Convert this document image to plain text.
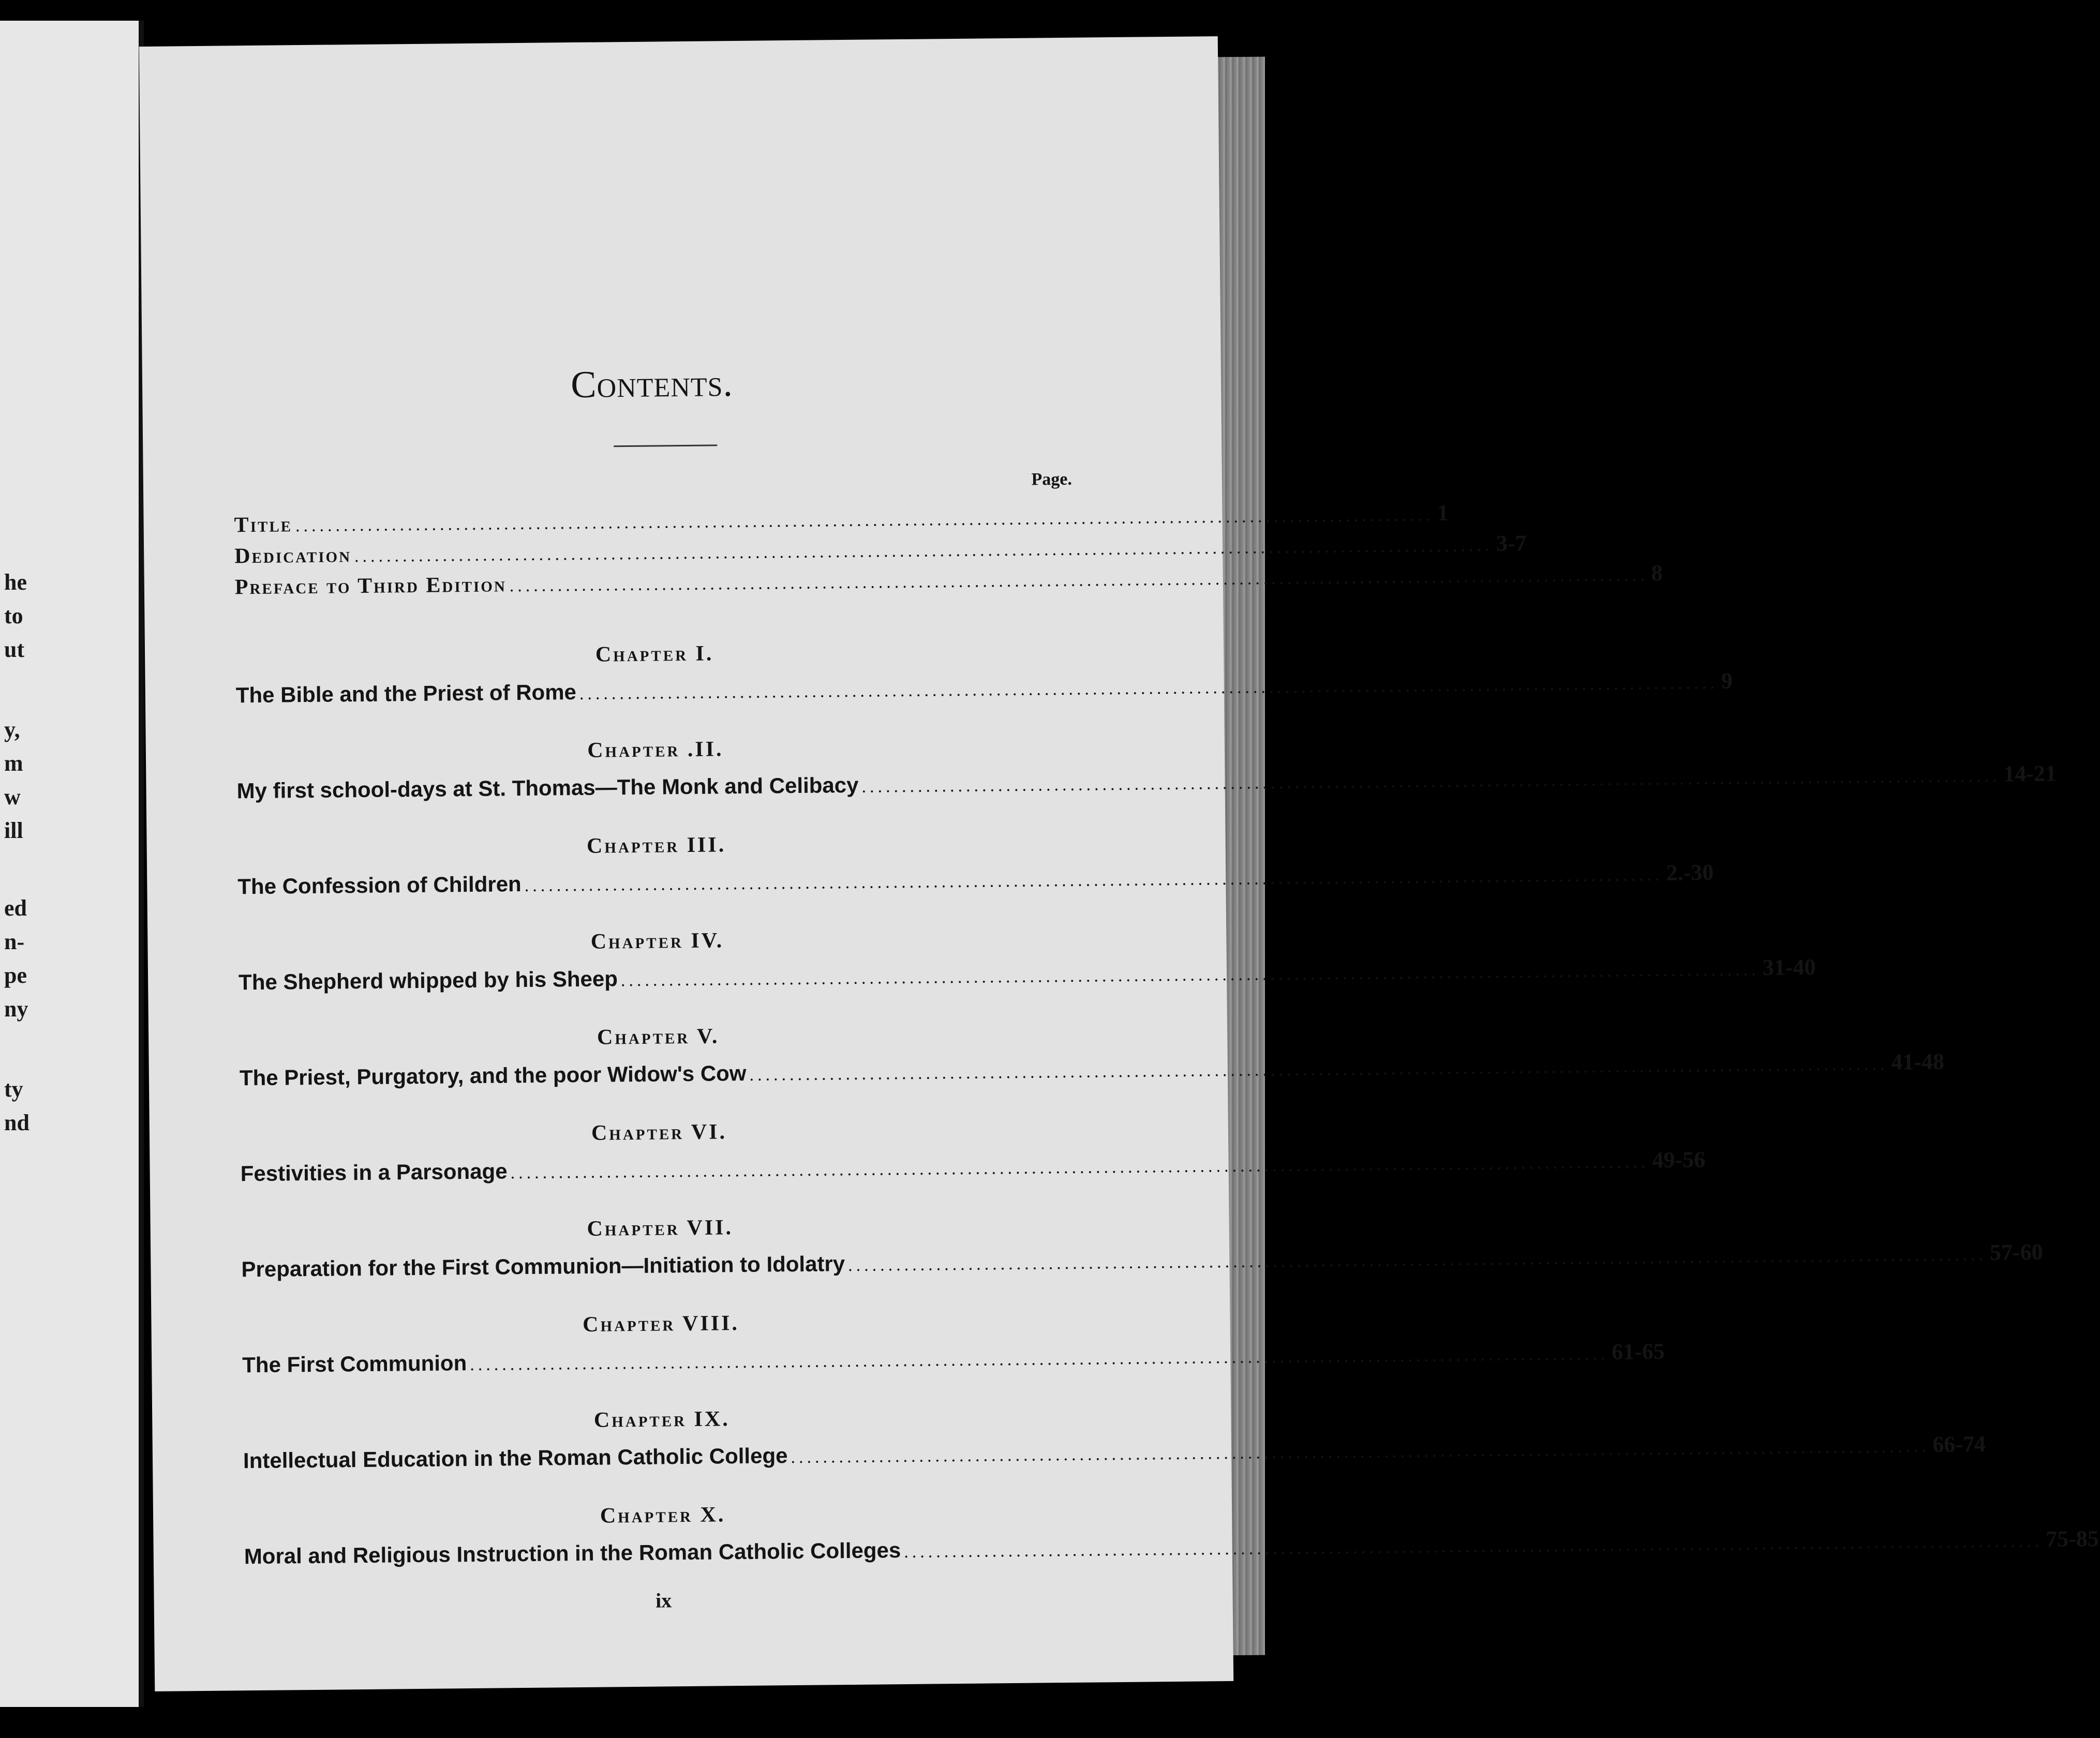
he
to
ut
y,
m
w
ill
ed
n-
pe
ny
ty
nd
Contents.
Page.
Title .............................................................................................................................................. 1
Dedication .............................................................................................................................................. 3-7
Preface to Third Edition .............................................................................................................................................. 8
Chapter I.
The Bible and the Priest of Rome .............................................................................................................................................. 9
Chapter .II.
My first school-days at St. Thomas—The Monk and Celibacy .............................................................................................................................................. 14-21
Chapter III.
The Confession of Children .............................................................................................................................................. 2.-30
Chapter IV.
The Shepherd whipped by his Sheep .............................................................................................................................................. 31-40
Chapter V.
The Priest, Purgatory, and the poor Widow's Cow .............................................................................................................................................. 41-48
Chapter VI.
Festivities in a Parsonage .............................................................................................................................................. 49-56
Chapter VII.
Preparation for the First Communion—Initiation to Idolatry .............................................................................................................................................. 57-60
Chapter VIII.
The First Communion .............................................................................................................................................. 61-65
Chapter IX.
Intellectual Education in the Roman Catholic College .............................................................................................................................................. 66-74
Chapter X.
Moral and Religious Instruction in the Roman Catholic Colleges .............................................................................................................................................. 75-85
ix
